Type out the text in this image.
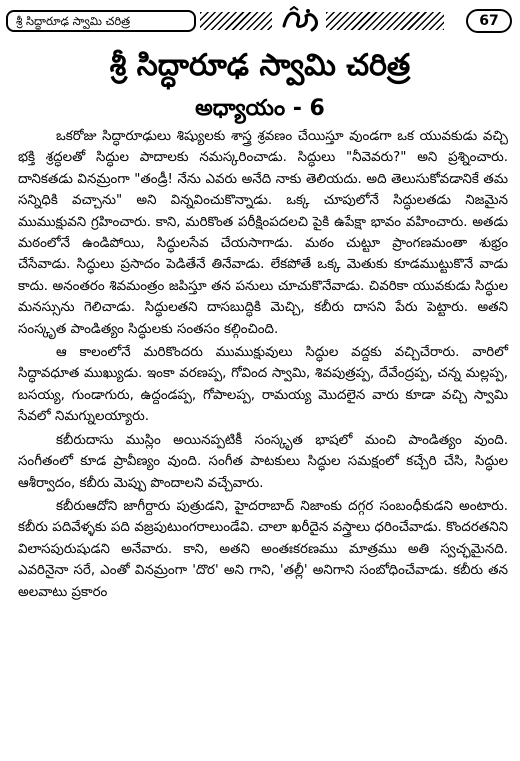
శ్రీ సిద్ధారూఢ స్వామి చరిత్ర	67
శ్రీ సిద్ధారూఢ స్వామి చరిత్ర
అధ్యాయం - 6

ఒకరోజు సిద్ధారూఢులు శిష్యులకు శాస్త్ర శ్రవణం చేయిస్తూ వుండగా ఒక యువకుడు వచ్చి భక్తి శ్రద్ధలతో సిద్ధుల పాదాలకు నమస్కరించాడు. సిద్ధులు "నీవెవరు?" అని ప్రశ్నించారు. దానికతడు వినమ్రంగా "తండ్రీ! నేను ఎవరు అనేది నాకు తెలియదు. అది తెలుసుకోవడానికే తమ సన్నిధికి వచ్చాను" అని విన్నవించుకొన్నాడు. ఒక్క చూపులోనే సిద్ధులతడు నిజమైన ముముక్షువని గ్రహించారు. కాని, మరికొంత పరీక్షింపదలచి పైకి ఉపేక్షా భావం వహించారు. అతడు మఠంలోనే ఉండిపోయి, సిద్ధులసేవ చేయసాగాడు. మఠం చుట్టూ ప్రాంగణమంతా శుభ్రం చేసేవాడు. సిద్ధులు ప్రసాదం పెడితేనే తినేవాడు. లేకపోతే ఒక్క మెతుకు కూడముట్టుకొనే వాడు కాదు. అనంతరం శివమంత్రం జపిస్తూ తన పనులు చూచుకొనేవాడు. చివరికా యువకుడు సిద్ధుల మనస్సును గెలిచాడు. సిద్ధులతని దాసబుద్ధికి మెచ్చి, కబీరు దాసని పేరు పెట్టారు. అతని సంస్కృత పాండిత్యం సిద్ధులకు సంతసం కల్గించింది.

ఆ కాలంలోనే మరికొందరు ముముక్షువులు సిద్ధుల వద్దకు వచ్చిచేరారు. వారిలో సిద్ధావధూత ముఖ్యుడు. ఇంకా వరణప్ప, గోవింద స్వామి, శివపుత్రప్ప, దేవేంద్రప్ప, చన్న మల్లప్ప, బసయ్య, గుండాగురు, ఉద్దండప్ప, గోపాలప్ప, రామయ్య మొదలైన వారు కూడా వచ్చి స్వామి సేవలో నిమగ్నులయ్యారు.

కబీరుదాసు ముస్లిం అయినప్పటికీ సంస్కృత భాషలో మంచి పాండిత్యం వుంది. సంగీతంలో కూడ ప్రావీణ్యం వుంది. సంగీత పాటకులు సిద్ధుల సమక్షంలో కచ్చేరి చేసి, సిద్ధుల ఆశీర్వాదం, కబీరు మెప్పు పొందాలని వచ్చేవారు.

కబీరుఆదోని జాగీర్దారు పుత్రుడని, హైదరాబాద్ నిజాంకు దగ్గర సంబంధీకుడని అంటారు. కబీరు పదివేళ్ళకు పది వజ్రపుటుంగరాలుండేవి. చాలా ఖరీదైన వస్త్రాలు ధరించేవాడు. కొందరతనిని విలాసపురుషుడని అనేవారు. కాని, అతని అంతఃకరణము మాత్రము అతి స్వచ్ఛమైనది. ఎవరినైనా సరే, ఎంతో వినమ్రంగా 'దొర' అని గాని, 'తల్లీ' అనిగాని సంబోధించేవాడు. కబీరు తన అలవాటు ప్రకారం
